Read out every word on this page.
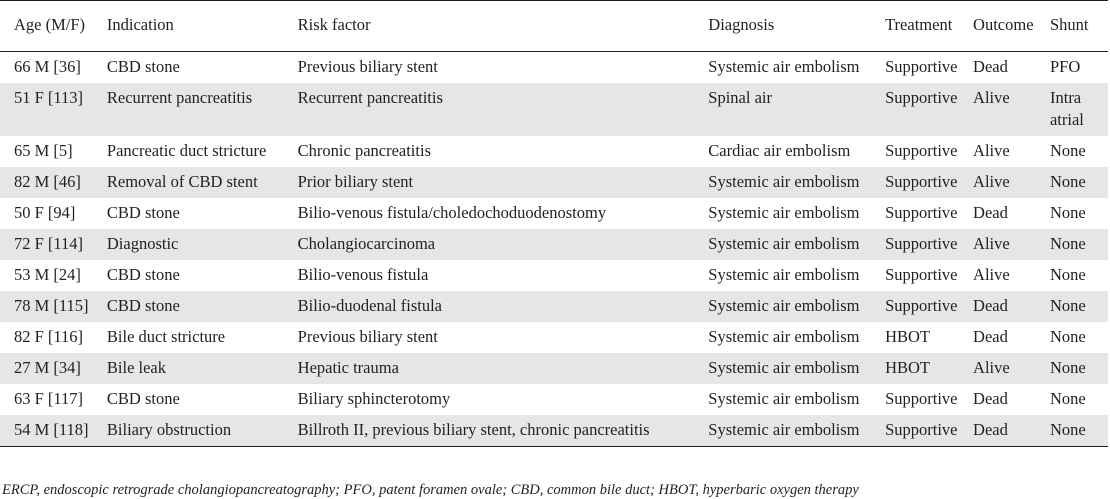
Age (M/F)	Indication	Risk factor	Diagnosis	Treatment	Outcome	Shunt
66 M [36]	CBD stone	Previous biliary stent	Systemic air embolism	Supportive	Dead	PFO
51 F [113]	Recurrent pancreatitis	Recurrent pancreatitis	Spinal air	Supportive	Alive	Intra atrial
65 M [5]	Pancreatic duct stricture	Chronic pancreatitis	Cardiac air embolism	Supportive	Alive	None
82 M [46]	Removal of CBD stent	Prior biliary stent	Systemic air embolism	Supportive	Alive	None
50 F [94]	CBD stone	Bilio-venous fistula/choledochoduodenostomy	Systemic air embolism	Supportive	Dead	None
72 F [114]	Diagnostic	Cholangiocarcinoma	Systemic air embolism	Supportive	Alive	None
53 M [24]	CBD stone	Bilio-venous fistula	Systemic air embolism	Supportive	Alive	None
78 M [115]	CBD stone	Bilio-duodenal fistula	Systemic air embolism	Supportive	Dead	None
82 F [116]	Bile duct stricture	Previous biliary stent	Systemic air embolism	HBOT	Dead	None
27 M [34]	Bile leak	Hepatic trauma	Systemic air embolism	HBOT	Alive	None
63 F [117]	CBD stone	Biliary sphincterotomy	Systemic air embolism	Supportive	Dead	None
54 M [118]	Biliary obstruction	Billroth II, previous biliary stent, chronic pancreatitis	Systemic air embolism	Supportive	Dead	None
ERCP, endoscopic retrograde cholangiopancreatography; PFO, patent foramen ovale; CBD, common bile duct; HBOT, hyperbaric oxygen therapy
